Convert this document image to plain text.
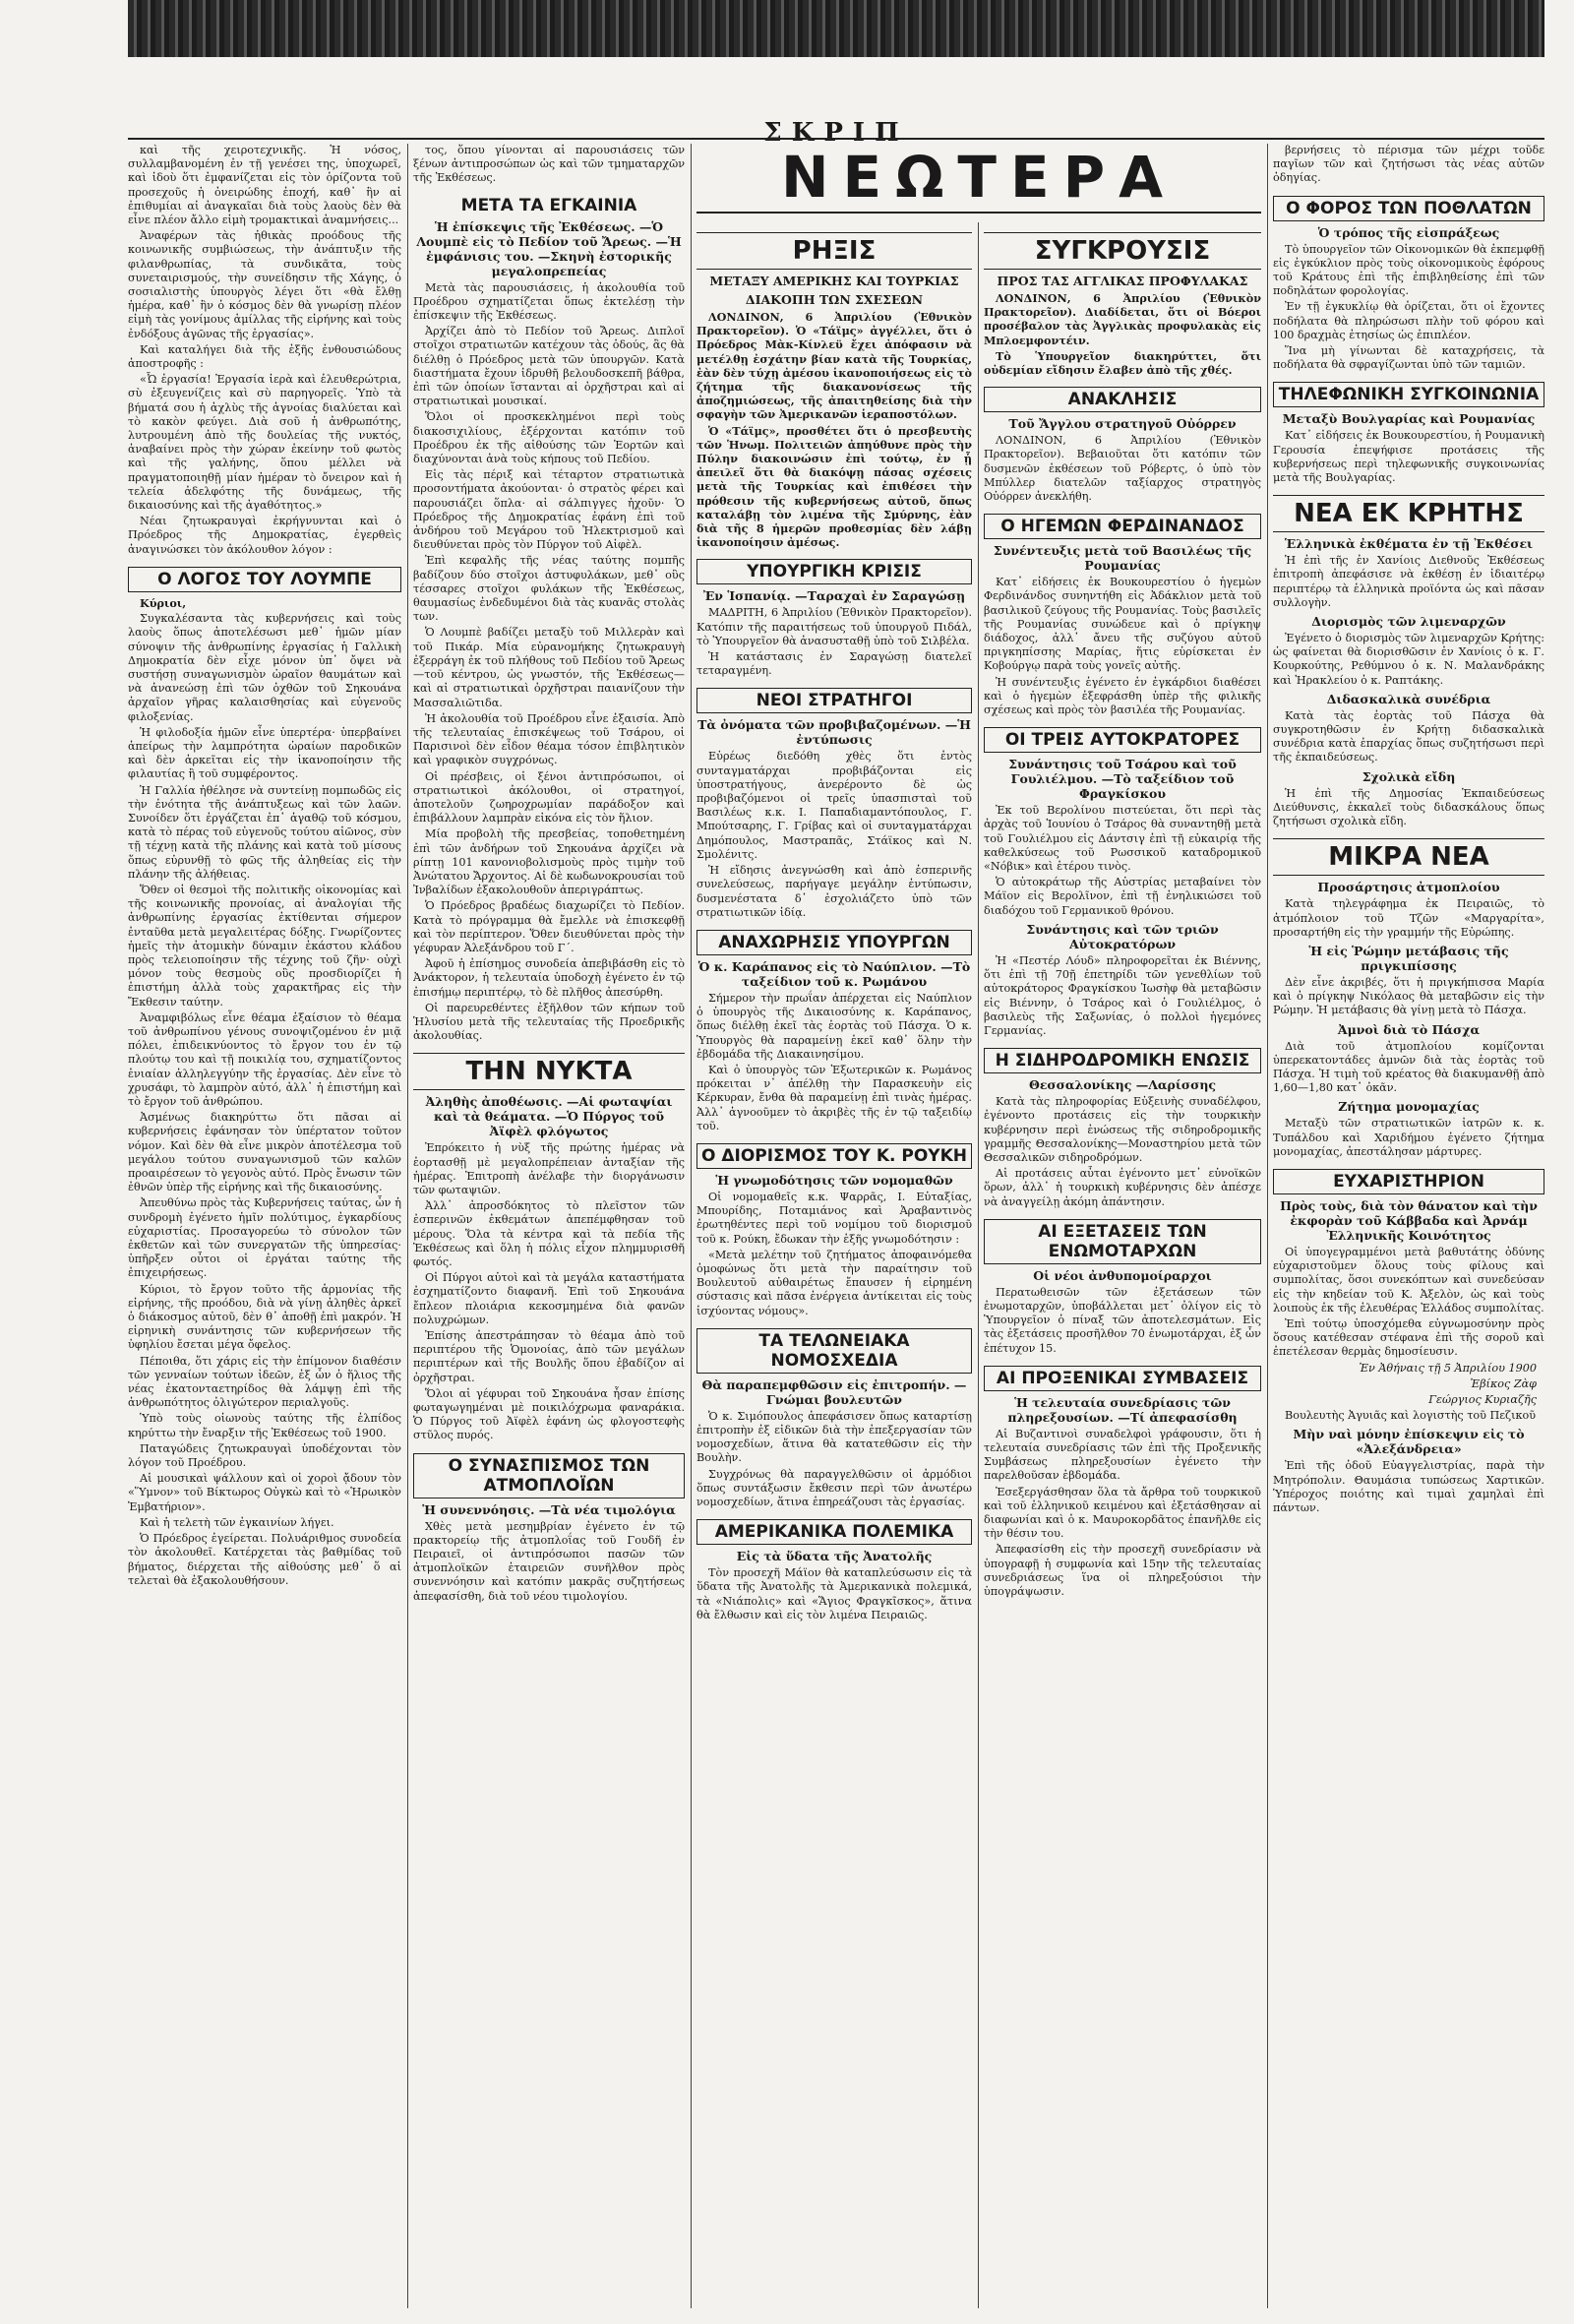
ΣΚΡΙΠ
ΝΕΩΤΕΡΑ

καὶ τῆς χειροτεχνικῆς. Ἡ νόσος, συλλαμβανομένη ἐν τῇ γενέσει της, ὑποχωρεῖ, καὶ ἰδοὺ ὅτι ἐμφανίζεται εἰς τὸν ὁρίζοντα τοῦ προσεχοῦς ἡ ὀνειρώδης ἐποχή, καθ᾽ ἣν αἱ ἐπιθυμίαι αἱ ἀναγκαῖαι διὰ τοὺς λαοὺς δὲν θὰ εἶνε πλέον ἄλλο εἰμὴ τρομακτικαὶ ἀναμνήσεις...

Ἀναφέρων τὰς ἠθικὰς προόδους τῆς κοινωνικῆς συμβιώσεως, τὴν ἀνάπτυξιν τῆς φιλανθρωπίας, τὰ συνδικᾶτα, τοὺς συνεταιρισμούς, τὴν συνείδησιν τῆς Χάγης, ὁ σοσιαλιστὴς ὑπουργὸς λέγει ὅτι «θὰ ἔλθῃ ἡμέρα, καθ᾽ ἣν ὁ κόσμος δὲν θὰ γνωρίσῃ πλέον εἰμὴ τὰς γονίμους ἁμίλλας τῆς εἰρήνης καὶ τοὺς ἐνδόξους ἀγῶνας τῆς ἐργασίας».

Καὶ καταλήγει διὰ τῆς ἑξῆς ἐνθουσιώδους ἀποστροφῆς :

«Ὦ ἐργασία! Ἐργασία ἱερὰ καὶ ἐλευθερώτρια, σὺ ἐξευγενίζεις καὶ σὺ παρηγορεῖς. Ὑπὸ τὰ βήματά σου ἡ ἀχλὺς τῆς ἀγνοίας διαλύεται καὶ τὸ κακὸν φεύγει. Διὰ σοῦ ἡ ἀνθρωπότης, λυτρουμένη ἀπὸ τῆς δουλείας τῆς νυκτός, ἀναβαίνει πρὸς τὴν χώραν ἐκείνην τοῦ φωτὸς καὶ τῆς γαλήνης, ὅπου μέλλει νὰ πραγματοποιηθῇ μίαν ἡμέραν τὸ ὄνειρον καὶ ἡ τελεία ἀδελφότης τῆς δυνάμεως, τῆς δικαιοσύνης καὶ τῆς ἀγαθότητος.»

Νέαι ζητωκραυγαὶ ἐκρήγνυνται καὶ ὁ Πρόεδρος τῆς Δημοκρατίας, ἐγερθεὶς ἀναγινώσκει τὸν ἀκόλουθον λόγον :

Ο ΛΟΓΟΣ ΤΟΥ ΛΟΥΜΠΕ

Κύριοι,

Συγκαλέσαντα τὰς κυβερνήσεις καὶ τοὺς λαοὺς ὅπως ἀποτελέσωσι μεθ᾽ ἡμῶν μίαν σύνοψιν τῆς ἀνθρωπίνης ἐργασίας ἡ Γαλλικὴ Δημοκρατία δὲν εἶχε μόνον ὑπ᾽ ὄψει νὰ συστήσῃ συναγωνισμὸν ὡραῖον θαυμάτων καὶ νὰ ἀνανεώσῃ ἐπὶ τῶν ὀχθῶν τοῦ Σηκουάνα ἀρχαῖον γῆρας καλαισθησίας καὶ εὐγενοῦς φιλοξενίας.

Ἡ φιλοδοξία ἡμῶν εἶνε ὑπερτέρα· ὑπερβαίνει ἀπείρως τὴν λαμπρότητα ὡραίων παροδικῶν καὶ δὲν ἀρκεῖται εἰς τὴν ἱκανοποίησιν τῆς φιλαυτίας ἢ τοῦ συμφέροντος.

Ἡ Γαλλία ἠθέλησε νὰ συντείνῃ πομπωδῶς εἰς τὴν ἐνότητα τῆς ἀνάπτυξεως καὶ τῶν λαῶν. Συνοίδεν ὅτι ἐργάζεται ἐπ᾽ ἀγαθῷ τοῦ κόσμου, κατὰ τὸ πέρας τοῦ εὐγενοῦς τούτου αἰῶνος, σὺν τῇ τέχνῃ κατὰ τῆς πλάνης καὶ κατὰ τοῦ μίσους ὅπως εὐρυνθῇ τὸ φῶς τῆς ἀληθείας εἰς τὴν πλάνην τῆς ἀλήθειας.

Ὅθεν οἱ θεσμοὶ τῆς πολιτικῆς οἰκονομίας καὶ τῆς κοινωνικῆς προνοίας, αἱ ἀναλογίαι τῆς ἀνθρωπίνης ἐργασίας ἐκτίθενται σήμερον ἐνταῦθα μετὰ μεγαλειτέρας δόξης. Γνωρίζοντες ἡμεῖς τὴν ἀτομικὴν δύναμιν ἐκάστου κλάδου πρὸς τελειοποίησιν τῆς τέχνης τοῦ ζῆν· οὐχὶ μόνον τοὺς θεσμοὺς οὓς προσδιορίζει ἡ ἐπιστήμη ἀλλὰ τοὺς χαρακτῆρας εἰς τὴν Ἔκθεσιν ταύτην.

Ἀναμφιβόλως εἶνε θέαμα ἐξαίσιον τὸ θέαμα τοῦ ἀνθρωπίνου γένους συνοψιζομένου ἐν μιᾷ πόλει, ἐπιδεικνύοντος τὸ ἔργον του ἐν τῷ πλούτῳ του καὶ τῇ ποικιλίᾳ του, σχηματίζοντος ἑνιαίαν ἀλληλεγγύην τῆς ἐργασίας. Δὲν εἶνε τὸ χρυσάφι, τὸ λαμπρὸν αὐτό, ἀλλ᾽ ἡ ἐπιστήμη καὶ τὸ ἔργον τοῦ ἀνθρώπου.

Ἀσμένως διακηρύττω ὅτι πᾶσαι αἱ κυβερνήσεις ἐφάνησαν τὸν ὑπέρτατον τοῦτον νόμον. Καὶ δὲν θὰ εἶνε μικρὸν ἀποτέλεσμα τοῦ μεγάλου τούτου συναγωνισμοῦ τῶν καλῶν προαιρέσεων τὸ γεγονὸς αὐτό. Πρὸς ἔνωσιν τῶν ἐθνῶν ὑπὲρ τῆς εἰρήνης καὶ τῆς δικαιοσύνης.

Ἀπευθύνω πρὸς τὰς Κυβερνήσεις ταύτας, ὧν ἡ συνδρομὴ ἐγένετο ἡμῖν πολύτιμος, ἐγκαρδίους εὐχαριστίας. Προσαγορεύω τὸ σύνολον τῶν ἐκθετῶν καὶ τῶν συνεργατῶν τῆς ὑπηρεσίας· ὑπῆρξεν οὗτοι οἱ ἐργάται ταύτης τῆς ἐπιχειρήσεως.

Κύριοι, τὸ ἔργον τοῦτο τῆς ἁρμονίας τῆς εἰρήνης, τῆς προόδου, διὰ νὰ γίνῃ ἀληθὲς ἀρκεῖ ὁ διάκοσμος αὐτοῦ, δὲν θ᾽ ἀποθῇ ἐπὶ μακρόν. Ἡ εἰρηνικὴ συνάντησις τῶν κυβερνήσεων τῆς ὑφηλίου ἔσεται μέγα ὄφελος.

Πέποιθα, ὅτι χάρις εἰς τὴν ἐπίμονον διαθέσιν τῶν γενναίων τούτων ἰδεῶν, ἐξ ὧν ὁ ἥλιος τῆς νέας ἐκατονταετηρίδος θὰ λάμψῃ ἐπὶ τῆς ἀνθρωπότητος ὀλιγώτερον περιαλγοῦς.

Ὑπὸ τοὺς οἰωνοὺς ταύτης τῆς ἐλπίδος κηρύττω τὴν ἔναρξιν τῆς Ἐκθέσεως τοῦ 1900.

Παταγώδεις ζητωκραυγαὶ ὑποδέχονται τὸν λόγον τοῦ Προέδρου.

Αἱ μουσικαὶ ψάλλουν καὶ οἱ χοροὶ ᾄδουν τὸν «Ὕμνον» τοῦ Βίκτωρος Οὐγκὼ καὶ τὸ «Ἡρωικὸν Ἐμβατήριον».

Καὶ ἡ τελετὴ τῶν ἐγκαινίων λήγει.

Ὁ Πρόεδρος ἐγείρεται. Πολυάριθμος συνοδεία τὸν ἀκολουθεῖ. Κατέρχεται τὰς βαθμίδας τοῦ βήματος, διέρχεται τῆς αἰθούσης μεθ᾽ ὅ αἱ τελεταὶ θὰ ἐξακολουθήσουν.

τος, ὅπου γίνονται αἱ παρουσιάσεις τῶν ξένων ἀντιπροσώπων ὡς καὶ τῶν τμηματαρχῶν τῆς Ἐκθέσεως.

ΜΕΤΑ ΤΑ ΕΓΚΑΙΝΙΑ
Ἡ ἐπίσκεψις τῆς Ἐκθέσεως. —Ὁ Λουμπὲ εἰς τὸ Πεδίον τοῦ Ἄρεως. —Ἡ ἐμφάνισις του. —Σκηνὴ ἐστορικῆς μεγαλοπρεπείας

Μετὰ τὰς παρουσιάσεις, ἡ ἀκολουθία τοῦ Προέδρου σχηματίζεται ὅπως ἐκτελέσῃ τὴν ἐπίσκεψιν τῆς Ἐκθέσεως.

Ἀρχίζει ἀπὸ τὸ Πεδίον τοῦ Ἄρεως. Διπλοῖ στοῖχοι στρατιωτῶν κατέχουν τὰς ὁδούς, ἃς θὰ διέλθῃ ὁ Πρόεδρος μετὰ τῶν ὑπουργῶν. Κατὰ διαστήματα ἔχουν ἱδρυθῆ βελουδοσκεπῆ βάθρα, ἐπὶ τῶν ὁποίων ἵστανται αἱ ὀρχῆστραι καὶ αἱ στρατιωτικαὶ μουσικαί.

Ὅλοι οἱ προσκεκλημένοι περὶ τοὺς διακοσιχιλίους, ἐξέρχονται κατόπιν τοῦ Προέδρου ἐκ τῆς αἰθούσης τῶν Ἑορτῶν καὶ διαχύνονται ἀνὰ τοὺς κήπους τοῦ Πεδίου.

Εἰς τὰς πέριξ καὶ τέταρτον στρατιωτικὰ προσοντήματα ἀκούονται· ὁ στρατὸς φέρει καὶ παρουσιάζει ὅπλα· αἱ σάλπιγγες ἠχοῦν· Ὁ Πρόεδρος τῆς Δημοκρατίας ἐφάνη ἐπὶ τοῦ ἀνδήρου τοῦ Μεγάρου τοῦ Ἠλεκτρισμοῦ καὶ διευθύνεται πρὸς τὸν Πύργον τοῦ Αἰφὲλ.

Ἐπὶ κεφαλῆς τῆς νέας ταύτης πομπῆς βαδίζουν δύο στοῖχοι ἀστυφυλάκων, μεθ᾽ οὓς τέσσαρες στοῖχοι φυλάκων τῆς Ἐκθέσεως, θαυμασίως ἐνδεδυμένοι διὰ τὰς κυανᾶς στολὰς των.

Ὁ Λουμπὲ βαδίζει μεταξὺ τοῦ Μιλλερὰν καὶ τοῦ Πικάρ. Μία εὐρανομήκης ζητωκραυγὴ ἐξερράγη ἐκ τοῦ πλήθους τοῦ Πεδίου τοῦ Ἄρεως —τοῦ κέντρου, ὡς γνωστόν, τῆς Ἐκθέσεως— καὶ αἱ στρατιωτικαὶ ὀρχῆστραι παιανίζουν τὴν Μασσαλιῶτιδα.

Ἡ ἀκολουθία τοῦ Προέδρου εἶνε ἐξαισία. Ἀπὸ τῆς τελευταίας ἐπισκέψεως τοῦ Τσάρου, οἱ Παρισινοὶ δὲν εἶδον θέαμα τόσον ἐπιβλητικὸν καὶ γραφικὸν συγχρόνως.

Οἱ πρέσβεις, οἱ ξένοι ἀντιπρόσωποι, οἱ στρατιωτικοὶ ἀκόλουθοι, οἱ στρατηγοί, ἀποτελοῦν ζωηροχρωμίαν παράδοξον καὶ ἐπιβάλλουν λαμπρὰν εἰκόνα εἰς τὸν ἥλιον.

Μία προβολὴ τῆς πρεσβείας, τοποθετημένη ἐπὶ τῶν ἀνδήρων τοῦ Σηκουάνα ἀρχίζει νὰ ρίπτῃ 101 κανονιοβολισμοὺς πρὸς τιμὴν τοῦ Ἀνώτατου Ἄρχοντος. Αἱ δὲ κωδωνοκρουσίαι τοῦ Ἰνβαλίδων ἐξακολουθοῦν ἀπεριγράπτως.

Ὁ Πρόεδρος βραδέως διαχωρίζει τὸ Πεδίον. Κατὰ τὸ πρόγραμμα θὰ ἔμελλε νὰ ἐπισκεφθῇ καὶ τὸν περίπτερον. Ὅθεν διευθύνεται πρὸς τὴν γέφυραν Ἀλεξάνδρου τοῦ Γ΄.

Ἀφοῦ ἡ ἐπίσημος συνοδεία ἀπεβιβάσθη εἰς τὸ Ἀνάκτορον, ἡ τελευταία ὑποδοχὴ ἐγένετο ἐν τῷ ἐπισήμῳ περιπτέρῳ, τὸ δὲ πλῆθος ἀπεσύρθη.

Οἱ παρευρεθέντες ἐξῆλθον τῶν κήπων τοῦ Ἡλυσίου μετὰ τῆς τελευταίας τῆς Προεδρικῆς ἀκολουθίας.

ΤΗΝ ΝΥΚΤΑ
Ἀληθὴς ἀποθέωσις. —Αἱ φωταψίαι καὶ τὰ θεάματα. —Ὁ Πύργος τοῦ Ἀϊφὲλ φλόγωτος

Ἐπρόκειτο ἡ νὺξ τῆς πρώτης ἡμέρας νὰ ἑορτασθῇ μὲ μεγαλοπρέπειαν ἀνταξίαν τῆς ἡμέρας. Ἐπιτροπὴ ἀνέλαβε τὴν διοργάνωσιν τῶν φωταψιῶν.

Ἀλλ᾽ ἀπροσδόκητος τὸ πλεῖστον τῶν ἐσπερινῶν ἐκθεμάτων ἀπεπέμφθησαν τοῦ μέρους. Ὅλα τὰ κέντρα καὶ τὰ πεδία τῆς Ἐκθέσεως καὶ ὅλη ἡ πόλις εἶχον πλημμυρισθῆ φωτός.

Οἱ Πύργοι αὐτοὶ καὶ τὰ μεγάλα καταστήματα ἐσχηματίζοντο διαφανῆ. Ἐπὶ τοῦ Σηκουάνα ἔπλεον πλοιάρια κεκοσμημένα διὰ φανῶν πολυχρώμων.

Ἐπίσης ἀπεστράπησαν τὸ θέαμα ἀπὸ τοῦ περιπτέρου τῆς Ὁμονοίας, ἀπὸ τῶν μεγάλων περιπτέρων καὶ τῆς Βουλῆς ὅπου ἐβαδίζον αἱ ὀρχῆστραι.

Ὅλοι αἱ γέφυραι τοῦ Σηκουάνα ἦσαν ἐπίσης φωταγωγημέναι μὲ ποικιλόχρωμα φαναράκια. Ὁ Πύργος τοῦ Ἀϊφὲλ ἐφάνη ὡς φλογοστεφὴς στῦλος πυρός.

Ο ΣΥΝΑΣΠΙΣΜΟΣ ΤΩΝ ΑΤΜΟΠΛΟΪΩΝ
Ἡ συνεννόησις. —Τὰ νέα τιμολόγια

Χθὲς μετὰ μεσημβρίαν ἐγένετο ἐν τῷ πρακτορείῳ τῆς ἀτμοπλοΐας τοῦ Γουδῆ ἐν Πειραιεῖ, οἱ ἀντιπρόσωποι πασῶν τῶν ἀτμοπλοϊκῶν ἑταιρειῶν συνῆλθον πρὸς συνεννόησιν καὶ κατόπιν μακρᾶς συζητήσεως ἀπεφασίσθη, διὰ τοῦ νέου τιμολογίου.

ΡΗΞΙΣ
ΜΕΤΑΞΥ ΑΜΕΡΙΚΗΣ ΚΑΙ ΤΟΥΡΚΙΑΣ
ΔΙΑΚΟΠΗ ΤΩΝ ΣΧΕΣΕΩΝ

ΛΟΝΔΙΝΟΝ, 6 Ἀπριλίου (Ἐθνικὸν Πρακτορεῖον). Ὁ «Τάϊμς» ἀγγέλλει, ὅτι ὁ Πρόεδρος Μὰκ-Κίνλεϋ ἔχει ἀπόφασιν νὰ μετέλθῃ ἐσχάτην βίαν κατὰ τῆς Τουρκίας, ἐὰν δὲν τύχῃ ἀμέσου ἱκανοποιήσεως εἰς τὸ ζήτημα τῆς διακανονίσεως τῆς ἀποζημιώσεως, τῆς ἀπαιτηθείσης διὰ τὴν σφαγὴν τῶν Ἀμερικανῶν ἱεραποστόλων.

Ὁ «Τάϊμς», προσθέτει ὅτι ὁ πρεσβευτὴς τῶν Ἡνωμ. Πολιτειῶν ἀπηύθυνε πρὸς τὴν Πύλην διακοινώσιν ἐπὶ τούτῳ, ἐν ᾗ ἀπειλεῖ ὅτι θὰ διακόψῃ πάσας σχέσεις μετὰ τῆς Τουρκίας καὶ ἐπιθέσει τὴν πρόθεσιν τῆς κυβερνήσεως αὐτοῦ, ὅπως καταλάβῃ τὸν λιμένα τῆς Σμύρνης, ἐὰν διὰ τῆς 8 ἡμερῶν προθεσμίας δὲν λάβῃ ἱκανοποίησιν ἀμέσως.

ΥΠΟΥΡΓΙΚΗ ΚΡΙΣΙΣ
Ἐν Ἱσπανίᾳ. —Ταραχαὶ ἐν Σαραγώσῃ

ΜΑΔΡΙΤΗ, 6 Ἀπριλίου (Ἐθνικὸν Πρακτορεῖον). Κατόπιν τῆς παραιτήσεως τοῦ ὑπουργοῦ Πιδάλ, τὸ Ὑπουργεῖον θὰ ἀνασυσταθῇ ὑπὸ τοῦ Σιλβέλα.

Ἡ κατάστασις ἐν Σαραγώσῃ διατελεῖ τεταραγμένη.

ΝΕΟΙ ΣΤΡΑΤΗΓΟΙ
Τὰ ὀνόματα τῶν προβιβαζομένων. —Ἡ ἐντύπωσις

Εὐρέως διεδόθη χθὲς ὅτι ἐντὸς συνταγματάρχαι προβιβάζονται εἰς ὑποστρατήγους, ἀνερέροντο δὲ ὡς προβιβαζόμενοι οἱ τρεῖς ὑπασπισταὶ τοῦ Βασιλέως κ.κ. Ι. Παπαδιαμαντόπουλος, Γ. Μπούτσαρης, Γ. Γρίβας καὶ οἱ συνταγματάρχαι Δημόπουλος, Μαστραπᾶς, Στάϊκος καὶ Ν. Σμολένιτς.

Ἡ εἴδησις ἀνεγνώσθη καὶ ἀπὸ ἐσπερινῆς συνελεύσεως, παρήγαγε μεγάλην ἐντύπωσιν, δυσμενέστατα δ᾽ ἐσχολιάζετο ὑπὸ τῶν στρατιωτικῶν ἰδίᾳ.

ΑΝΑΧΩΡΗΣΙΣ ΥΠΟΥΡΓΩΝ
Ὁ κ. Καράπανος εἰς τὸ Ναύπλιον. —Τὸ ταξείδιον τοῦ κ. Ρωμάνου

Σήμερον τὴν πρωΐαν ἀπέρχεται εἰς Ναύπλιον ὁ ὑπουργὸς τῆς Δικαιοσύνης κ. Καράπανος, ὅπως διέλθῃ ἐκεῖ τὰς ἑορτὰς τοῦ Πάσχα. Ὁ κ. Ὑπουργὸς θὰ παραμείνῃ ἐκεῖ καθ᾽ ὅλην τὴν ἑβδομάδα τῆς Διακαινησίμου.

Καὶ ὁ ὑπουργὸς τῶν Ἐξωτερικῶν κ. Ρωμάνος πρόκειται ν᾽ ἀπέλθῃ τὴν Παρασκευὴν εἰς Κέρκυραν, ἔνθα θὰ παραμείνῃ ἐπὶ τινὰς ἡμέρας. Ἀλλ᾽ ἀγνοοῦμεν τὸ ἀκριβὲς τῆς ἐν τῷ ταξειδίῳ τοῦ.

Ο ΔΙΟΡΙΣΜΟΣ ΤΟΥ Κ. ΡΟΥΚΗ
Ἡ γνωμοδότησις τῶν νομομαθῶν

Οἱ νομομαθεῖς κ.κ. Ψαρρᾶς, Ι. Εὐταξίας, Μπουρίδης, Ποταμιάνος καὶ Ἀραβαντινὸς ἐρωτηθέντες περὶ τοῦ νομίμου τοῦ διορισμοῦ τοῦ κ. Ρούκη, ἔδωκαν τὴν ἑξῆς γνωμοδότησιν :

«Μετὰ μελέτην τοῦ ζητήματος ἀποφαινόμεθα ὁμοφώνως ὅτι μετὰ τὴν παραίτησιν τοῦ Βουλευτοῦ αὐθαιρέτως ἔπαυσεν ἡ εἰρημένη σύστασις καὶ πᾶσα ἐνέργεια ἀντίκειται εἰς τοὺς ἰσχύοντας νόμους».

ΤΑ ΤΕΛΩΝΕΙΑΚΑ ΝΟΜΟΣΧΕΔΙΑ
Θὰ παραπεμφθῶσιν εἰς ἐπιτροπήν. —Γνώμαι βουλευτῶν

Ὁ κ. Σιμόπουλος ἀπεφάσισεν ὅπως καταρτίσῃ ἐπιτροπὴν ἐξ εἰδικῶν διὰ τὴν ἐπεξεργασίαν τῶν νομοσχεδίων, ἅτινα θὰ κατατεθῶσιν εἰς τὴν Βουλὴν.

Συγχρόνως θὰ παραγγελθῶσιν οἱ ἀρμόδιοι ὅπως συντάξωσιν ἔκθεσιν περὶ τῶν ἀνωτέρω νομοσχεδίων, ἅτινα ἐπηρεάζουσι τὰς ἐργασίας.

ΑΜΕΡΙΚΑΝΙΚΑ ΠΟΛΕΜΙΚΑ
Εἰς τὰ ὕδατα τῆς Ἀνατολῆς

Τὸν προσεχῆ Μάϊον θὰ καταπλεύσωσιν εἰς τὰ ὕδατα τῆς Ἀνατολῆς τὰ Ἀμερικανικὰ πολεμικά, τὰ «Νιάπολις» καὶ «Ἅγιος Φραγκῖσκος», ἅτινα θὰ ἔλθωσιν καὶ εἰς τὸν λιμένα Πειραιῶς.

ΣΥΓΚΡΟΥΣΙΣ
ΠΡΟΣ ΤΑΣ ΑΓΓΛΙΚΑΣ ΠΡΟΦΥΛΑΚΑΣ

ΛΟΝΔΙΝΟΝ, 6 Ἀπριλίου (Ἐθνικὸν Πρακτορεῖον). Διαδίδεται, ὅτι οἱ Βόεροι προσέβαλον τὰς Ἀγγλικὰς προφυλακὰς εἰς Μπλοεμφοντέιν.

Τὸ Ὑπουργεῖον διακηρύττει, ὅτι οὐδεμίαν εἴδησιν ἔλαβεν ἀπὸ τῆς χθές.

ΑΝΑΚΛΗΣΙΣ
Τοῦ Ἄγγλου στρατηγοῦ Οὐόρρεν

ΛΟΝΔΙΝΟΝ, 6 Ἀπριλίου (Ἐθνικὸν Πρακτορεῖον). Βεβαιοῦται ὅτι κατόπιν τῶν δυσμενῶν ἐκθέσεων τοῦ Ρόβερτς, ὁ ὑπὸ τὸν Μπύλλερ διατελῶν ταξίαρχος στρατηγὸς Οὐόρρεν ἀνεκλήθη.

Ο ΗΓΕΜΩΝ ΦΕΡΔΙΝΑΝΔΟΣ
Συνέντευξις μετὰ τοῦ Βασιλέως τῆς Ρουμανίας

Κατ᾽ εἰδήσεις ἐκ Βουκουρεστίου ὁ ἡγεμὼν Φερδινάνδος συνηντήθη εἰς Ἀδάκλιον μετὰ τοῦ βασιλικοῦ ζεύγους τῆς Ρουμανίας. Τοὺς βασιλεῖς τῆς Ρουμανίας συνώδευε καὶ ὁ πρίγκηψ διάδοχος, ἀλλ᾽ ἄνευ τῆς συζύγου αὐτοῦ πριγκηπίσσης Μαρίας, ἥτις εὑρίσκεται ἐν Κοβούργῳ παρὰ τοὺς γονεῖς αὐτῆς.

Ἡ συνέντευξις ἐγένετο ἐν ἐγκάρδιοι διαθέσει καὶ ὁ ἡγεμὼν ἐξεφράσθη ὑπὲρ τῆς φιλικῆς σχέσεως καὶ πρὸς τὸν βασιλέα τῆς Ρουμανίας.

ΟΙ ΤΡΕΙΣ ΑΥΤΟΚΡΑΤΟΡΕΣ
Συνάντησις τοῦ Τσάρου καὶ τοῦ Γουλιέλμου. —Τὸ ταξείδιον τοῦ Φραγκίσκου

Ἐκ τοῦ Βερολίνου πιστεύεται, ὅτι περὶ τὰς ἀρχὰς τοῦ Ἰουνίου ὁ Τσάρος θὰ συναντηθῇ μετὰ τοῦ Γουλιέλμου εἰς Δάντσιγ ἐπὶ τῇ εὐκαιρίᾳ τῆς καθελκύσεως τοῦ Ρωσσικοῦ καταδρομικοῦ «Νόβικ» καὶ ἑτέρου τινὸς.

Ὁ αὐτοκράτωρ τῆς Αὐστρίας μεταβαίνει τὸν Μάϊον εἰς Βερολῖνον, ἐπὶ τῇ ἐνηλικιώσει τοῦ διαδόχου τοῦ Γερμανικοῦ θρόνου.

Συνάντησις καὶ τῶν τριῶν Αὐτοκρατόρων

Ἡ «Πεστέρ Λόυδ» πληροφορεῖται ἐκ Βιέννης, ὅτι ἐπὶ τῇ 70ῇ ἐπετηρίδι τῶν γενεθλίων τοῦ αὐτοκράτορος Φραγκίσκου Ἰωσὴφ θὰ μεταβῶσιν εἰς Βιέννην, ὁ Τσάρος καὶ ὁ Γουλιέλμος, ὁ βασιλεὺς τῆς Σαξωνίας, ὁ πολλοὶ ἡγεμόνες Γερμανίας.

Η ΣΙΔΗΡΟΔΡΟΜΙΚΗ ΕΝΩΣΙΣ
Θεσσαλονίκης —Λαρίσσης

Κατὰ τὰς πληροφορίας Εὐξεινὴς συναδέλφου, ἐγένοντο προτάσεις εἰς τὴν τουρκικὴν κυβέρνησιν περὶ ἑνώσεως τῆς σιδηροδρομικῆς γραμμῆς Θεσσαλονίκης—Μοναστηρίου μετὰ τῶν Θεσσαλικῶν σιδηροδρόμων.

Αἱ προτάσεις αὗται ἐγένοντο μετ᾽ εὐνοϊκῶν ὅρων, ἀλλ᾽ ἡ τουρκικὴ κυβέρνησις δὲν ἀπέσχε νὰ ἀναγγείλῃ ἀκόμη ἀπάντησιν.

ΑΙ ΕΞΕΤΑΣΕΙΣ ΤΩΝ ΕΝΩΜΟΤΑΡΧΩΝ
Οἱ νέοι ἀνθυπομοίραρχοι

Περατωθεισῶν τῶν ἐξετάσεων τῶν ἐνωμοταρχῶν, ὑποβάλλεται μετ᾽ ὀλίγον εἰς τὸ Ὑπουργεῖον ὁ πίναξ τῶν ἀποτελεσμάτων. Εἰς τὰς ἐξετάσεις προσῆλθον 70 ἐνωμοτάρχαι, ἐξ ὧν ἐπέτυχον 15.

ΑΙ ΠΡΟΞΕΝΙΚΑΙ ΣΥΜΒΑΣΕΙΣ
Ἡ τελευταία συνεδρίασις τῶν πληρεξουσίων. —Τί ἀπεφασίσθη

Αἱ Βυζαντινοὶ συναδελφοὶ γράφουσιν, ὅτι ἡ τελευταία συνεδρίασις τῶν ἐπὶ τῆς Προξενικῆς Συμβάσεως πληρεξουσίων ἐγένετο τὴν παρελθοῦσαν ἑβδομάδα.

Ἐσεξεργάσθησαν ὅλα τὰ ἄρθρα τοῦ τουρκικοῦ καὶ τοῦ ἑλληνικοῦ κειμένου καὶ ἐξετάσθησαν αἱ διαφωνίαι καὶ ὁ κ. Μαυροκορδᾶτος ἐπανῆλθε εἰς τὴν θέσιν του.

Ἀπεφασίσθη εἰς τὴν προσεχῆ συνεδρίασιν νὰ ὑπογραφῇ ἡ συμφωνία καὶ 15ην τῆς τελευταίας συνεδριάσεως ἵνα οἱ πληρεξούσιοι τὴν ὑπογράψωσιν.

βερνήσεις τὸ πέρισμα τῶν μέχρι τοῦδε παγῖων τῶν καὶ ζητήσωσι τὰς νέας αὐτῶν ὁδηγίας.

Ο ΦΟΡΟΣ ΤΩΝ ΠΟΘΛΑΤΩΝ
Ὁ τρόπος τῆς εἰσπράξεως

Τὸ ὑπουργεῖον τῶν Οἰκονομικῶν θὰ ἐκπεμφθῇ εἰς ἐγκύκλιον πρὸς τοὺς οἰκονομικοὺς ἐφόρους τοῦ Κράτους ἐπὶ τῆς ἐπιβληθείσης ἐπὶ τῶν ποδηλάτων φορολογίας.

Ἐν τῇ ἐγκυκλίῳ θὰ ὁρίζεται, ὅτι οἱ ἔχοντες ποδήλατα θὰ πληρώσωσι πλὴν τοῦ φόρου καὶ 100 δραχμὰς ἐτησίως ὡς ἐπιπλέον.

Ἵνα μὴ γίνωνται δὲ καταχρήσεις, τὰ ποδήλατα θὰ σφραγίζωνται ὑπὸ τῶν ταμιῶν.

ΤΗΛΕΦΩΝΙΚΗ ΣΥΓΚΟΙΝΩΝΙΑ
Μεταξὺ Βουλγαρίας καὶ Ρουμανίας

Κατ᾽ εἰδήσεις ἐκ Βουκουρεστίου, ἡ Ρουμανικὴ Γερουσία ἐπεψήφισε προτάσεις τῆς κυβερνήσεως περὶ τηλεφωνικῆς συγκοινωνίας μετὰ τῆς Βουλγαρίας.

ΝΕΑ ΕΚ ΚΡΗΤΗΣ
Ἑλληνικὰ ἐκθέματα ἐν τῇ Ἐκθέσει

Ἡ ἐπὶ τῆς ἐν Χανίοις Διεθνοῦς Ἐκθέσεως ἐπιτροπὴ ἀπεφάσισε νὰ ἐκθέσῃ ἐν ἰδιαιτέρῳ περιπτέρῳ τὰ ἑλληνικὰ προϊόντα ὡς καὶ πᾶσαν συλλογὴν.

Διορισμὸς τῶν λιμεναρχῶν

Ἐγένετο ὁ διορισμὸς τῶν λιμεναρχῶν Κρήτης: ὡς φαίνεται θὰ διορισθῶσιν ἐν Χανίοις ὁ κ. Γ. Κουρκούτης, Ρεθύμνου ὁ κ. Ν. Μαλανδράκης καὶ Ἡρακλείου ὁ κ. Ραπτάκης.

Διδασκαλικὰ συνέδρια

Κατὰ τὰς ἑορτὰς τοῦ Πάσχα θὰ συγκροτηθῶσιν ἐν Κρήτῃ διδασκαλικὰ συνέδρια κατὰ ἐπαρχίας ὅπως συζητήσωσι περὶ τῆς ἐκπαιδεύσεως.

Σχολικὰ εἴδη

Ἡ ἐπὶ τῆς Δημοσίας Ἐκπαιδεύσεως Διεύθυνσις, ἐκκαλεῖ τοὺς διδασκάλους ὅπως ζητήσωσι σχολικὰ εἴδη.

ΜΙΚΡΑ ΝΕΑ
Προσάρτησις ἀτμοπλοίου

Κατὰ τηλεγράφημα ἐκ Πειραιῶς, τὸ ἀτμόπλοιον τοῦ Τζῶν «Μαργαρίτα», προσαρτήθη εἰς τὴν γραμμήν τῆς Εὐρώπης.

Ἡ εἰς Ῥώμην μετάβασις τῆς πριγκιπίσσης

Δὲν εἶνε ἀκριβές, ὅτι ἡ πριγκήπισσα Μαρία καὶ ὁ πρίγκηψ Νικόλαος θὰ μεταβῶσιν εἰς τὴν Ρώμην. Ἡ μετάβασις θὰ γίνῃ μετὰ τὸ Πάσχα.

Ἀμνοὶ διὰ τὸ Πάσχα

Διὰ τοῦ ἀτμοπλοίου κομίζονται ὑπερεκατοντάδες ἀμνῶν διὰ τὰς ἑορτὰς τοῦ Πάσχα. Ἡ τιμὴ τοῦ κρέατος θὰ διακυμανθῇ ἀπὸ 1,60—1,80 κατ᾽ ὀκᾶν.

Ζήτημα μονομαχίας

Μεταξὺ τῶν στρατιωτικῶν ἰατρῶν κ. κ. Τυπάλδου καὶ Χαριδήμου ἐγένετο ζήτημα μονομαχίας, ἀπεστάλησαν μάρτυρες.

ΕΥΧΑΡΙΣΤΗΡΙΟΝ
Πρὸς τοὺς, διὰ τὸν θάνατον καὶ τὴν ἐκφορὰν τοῦ Κάββαδα καὶ Ἀρνάμ Ἐλληνικῆς Κοινότητος

Οἱ ὑπογεγραμμένοι μετὰ βαθυτάτης ὀδύνης εὐχαριστοῦμεν ὅλους τοὺς φίλους καὶ συμπολίτας, ὅσοι συνεκόπτων καὶ συνεδεύσαν εἰς τὴν κηδείαν τοῦ Κ. Ἀξελὸν, ὡς καὶ τοὺς λοιποὺς ἐκ τῆς ἐλευθέρας Ἑλλάδος συμπολίτας.

Ἐπὶ τούτῳ ὑποσχόμεθα εὐγνωμοσύνην πρὸς ὅσους κατέθεσαν στέφανα ἐπὶ τῆς σοροῦ καὶ ἐπετέλεσαν θερμὰς δημοσίευσιν.

Ἐν Ἀθήναις τῇ 5 Ἀπριλίου 1900

Ἐβίκος Ζὰφ

Γεώργιος Κυριαζῆς

Βουλευτὴς Ἀγυιᾶς καὶ λογιστὴς τοῦ Πεζικοῦ

Μὴν ναὶ μόνην ἐπίσκεψιν εἰς τὸ «Ἀλεξάνδρεια»

Ἐπὶ τῆς ὁδοῦ Εὐαγγελιστρίας, παρὰ τὴν Μητρόπολιν. Θαυμάσια τυπώσεως Χαρτικῶν. Ὑπέροχος ποιότης καὶ τιμαὶ χαμηλαὶ ἐπὶ πάντων.
